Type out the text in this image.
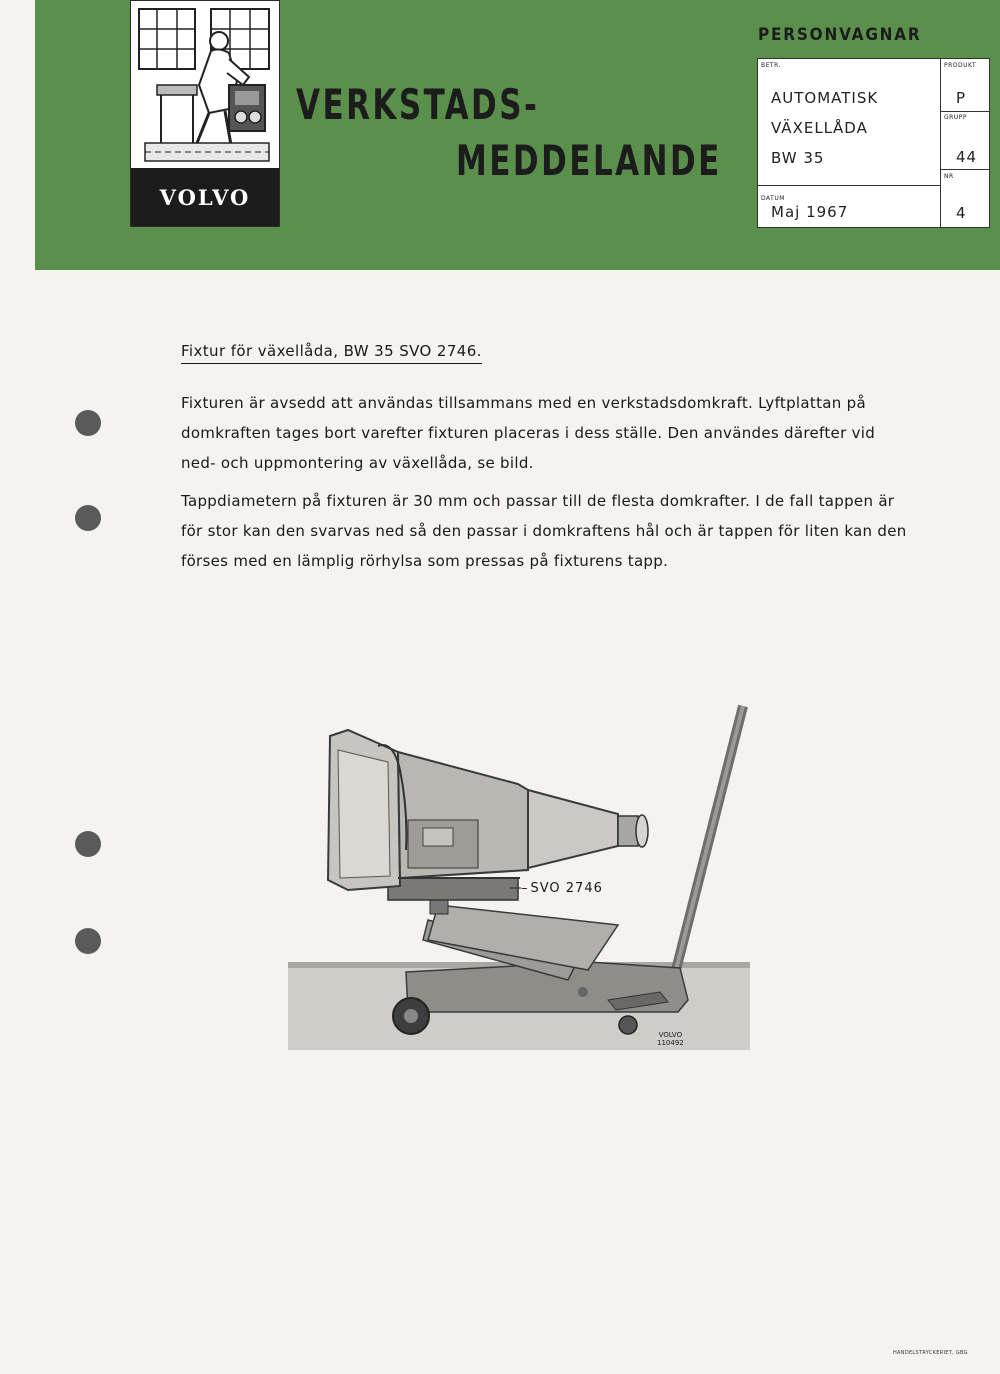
VOLVO
VERKSTADS-
MEDDELANDE
PERSONVAGNAR
BETR.
AUTOMATISK
VÄXELLÅDA
BW 35
DATUM
Maj 1967
PRODUKT
P
GRUPP
44
NR
4
Fixtur för växellåda, BW 35 SVO 2746.

Fixturen är avsedd att användas tillsammans med en verkstadsdomkraft. Lyftplattan på domkraften tages bort varefter fixturen placeras i dess ställe. Den användes därefter vid ned- och uppmontering av växellåda, se bild.

Tappdiametern på fixturen är 30 mm och passar till de flesta domkrafter. I de fall tappen är för stor kan den svarvas ned så den passar i domkraftens hål och är tappen för liten kan den förses med en lämplig rörhylsa som pressas på fixturens tapp.

– SVO 2746
VOLVO
110492
HANDELSTRYCKERIET, GBG
